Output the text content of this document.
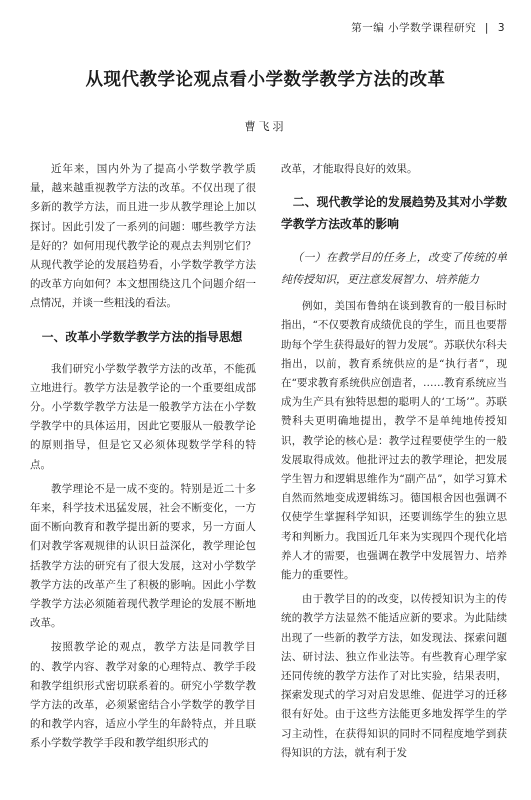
第一编 小学数学课程研究 | 3
从现代教学论观点看小学数学教学方法的改革

曹飞羽

近年来，国内外为了提高小学数学教学质量，越来越重视教学方法的改革。不仅出现了很多新的教学方法，而且进一步从教学理论上加以探讨。因此引发了一系列的问题：哪些教学方法是好的？如何用现代教学论的观点去判别它们？从现代教学论的发展趋势看，小学数学教学方法的改革方向如何？本文想围绕这几个问题介绍一点情况，并谈一些粗浅的看法。

一、改革小学数学教学方法的指导思想

我们研究小学数学教学方法的改革，不能孤立地进行。教学方法是教学论的一个重要组成部分。小学数学教学方法是一般教学方法在小学数学教学中的具体运用，因此它要服从一般教学论的原则指导，但是它又必须体现数学学科的特点。

教学理论不是一成不变的。特别是近二十多年来，科学技术迅猛发展，社会不断变化，一方面不断向教育和教学提出新的要求，另一方面人们对教学客观规律的认识日益深化，教学理论包括教学方法的研究有了很大发展，这对小学数学教学方法的改革产生了积极的影响。因此小学数学教学方法必须随着现代教学理论的发展不断地改革。

按照教学论的观点，教学方法是同教学目的、教学内容、教学对象的心理特点、教学手段和教学组织形式密切联系着的。研究小学数学教学方法的改革，必须紧密结合小学数学的教学目的和教学内容，适应小学生的年龄特点，并且联系小学数学教学手段和教学组织形式的

改革，才能取得良好的效果。

二、现代教学论的发展趋势及其对小学数学教学方法改革的影响
（一）在教学目的任务上，改变了传统的单纯传授知识，更注意发展智力、培养能力

例如，美国布鲁纳在谈到教育的一般目标时指出，“不仅要教育成绩优良的学生，而且也要帮助每个学生获得最好的智力发展”。苏联伏尔科夫指出，以前，教育系统供应的是“执行者”，现在“要求教育系统供应创造者，……教育系统应当成为生产具有独特思想的聪明人的‘工场’”。苏联赞科夫更明确地提出，教学不是单纯地传授知识，教学论的核心是：教学过程要使学生的一般发展取得成效。他批评过去的教学理论，把发展学生智力和逻辑思维作为“副产品”，如学习算术自然而然地变成逻辑练习。德国根舍因也强调不仅使学生掌握科学知识，还要训练学生的独立思考和判断力。我国近几年来为实现四个现代化培养人才的需要，也强调在教学中发展智力、培养能力的重要性。

由于教学目的的改变，以传授知识为主的传统的教学方法显然不能适应新的要求。为此陆续出现了一些新的教学方法，如发现法、探索问题法、研讨法、独立作业法等。有些教育心理学家还同传统的教学方法作了对比实验，结果表明，探索发现式的学习对启发思维、促进学习的迁移很有好处。由于这些方法能更多地发挥学生的学习主动性，在获得知识的同时不同程度地学到获得知识的方法，就有利于发
